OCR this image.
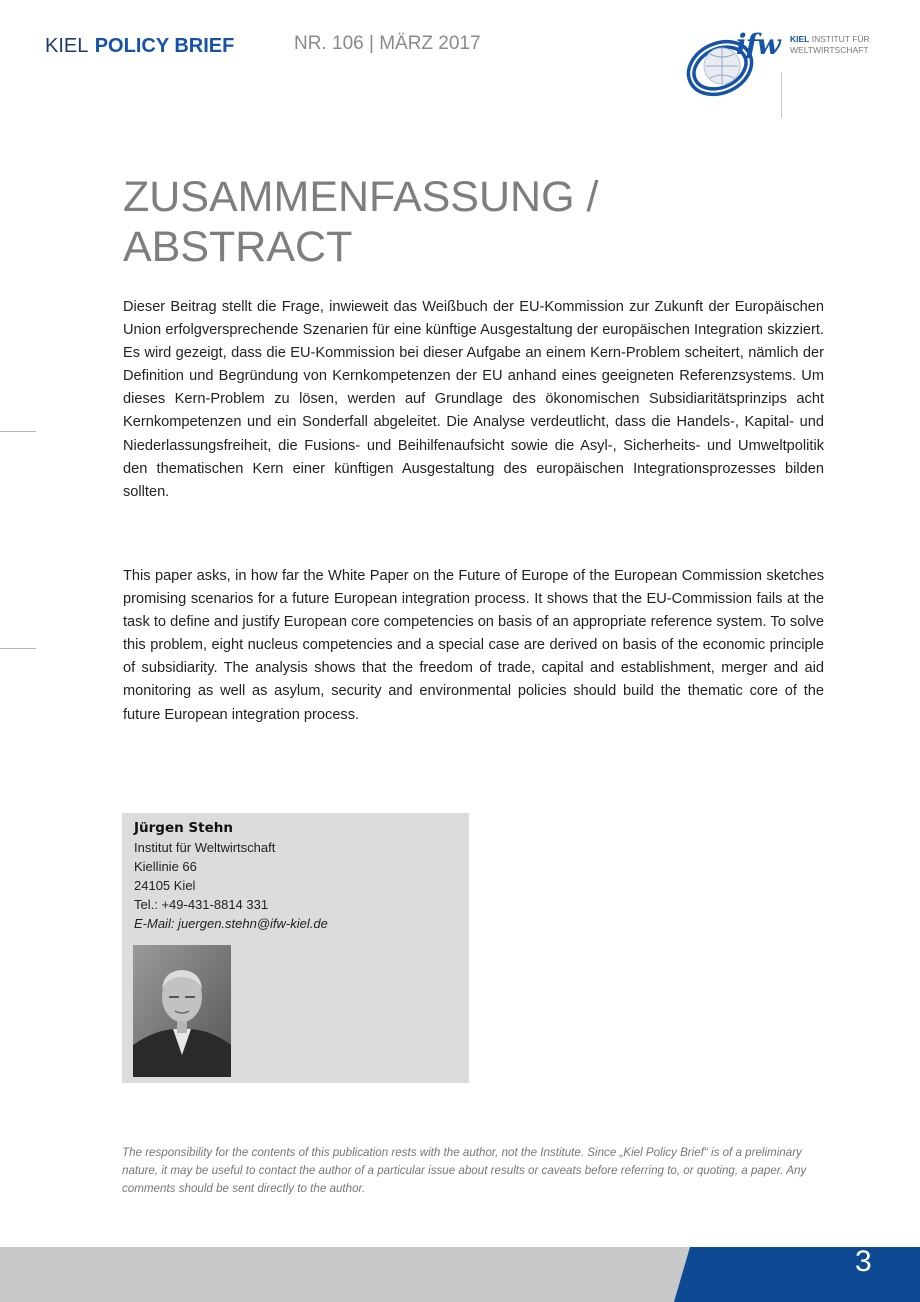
KIEL POLICY BRIEF	NR. 106 | MÄRZ 2017	ifw KIEL INSTITUT FÜR
WELTWIRTSCHAFT
ZUSAMMENFASSUNG /
ABSTRACT

Dieser Beitrag stellt die Frage, inwieweit das Weißbuch der EU-Kommission zur Zukunft der Europäischen Union erfolgversprechende Szenarien für eine künftige Ausgestaltung der europäischen Integration skizziert. Es wird gezeigt, dass die EU-Kommission bei dieser Aufgabe an einem Kern-Problem scheitert, nämlich der Definition und Begründung von Kernkompetenzen der EU anhand eines geeigneten Referenzsystems. Um dieses Kern-Problem zu lösen, werden auf Grundlage des ökonomischen Subsidiaritätsprinzips acht Kernkompetenzen und ein Sonderfall abgeleitet. Die Analyse verdeutlicht, dass die Handels-, Kapital- und Niederlassungsfreiheit, die Fusions- und Beihilfenaufsicht sowie die Asyl-, Sicherheits- und Umweltpolitik den thematischen Kern einer künftigen Ausgestaltung des europäischen Integrationsprozesses bilden sollten.

This paper asks, in how far the White Paper on the Future of Europe of the European Commission sketches promising scenarios for a future European integration process. It shows that the EU-Commission fails at the task to define and justify European core competencies on basis of an appropriate reference system. To solve this problem, eight nucleus competencies and a special case are derived on basis of the economic principle of subsidiarity. The analysis shows that the freedom of trade, capital and establishment, merger and aid monitoring as well as asylum, security and environmental policies should build the thematic core of the future European integration process.

Jürgen Stehn
Institut für Weltwirtschaft
Kiellinie 66
24105 Kiel
Tel.: +49-431-8814 331
E-Mail: juergen.stehn@ifw-kiel.de

The responsibility for the contents of this publication rests with the author, not the Institute. Since „Kiel Policy Brief“ is of a preliminary nature, it may be useful to contact the author of a particular issue about results or caveats before referring to, or quoting, a paper. Any comments should be sent directly to the author.

3
